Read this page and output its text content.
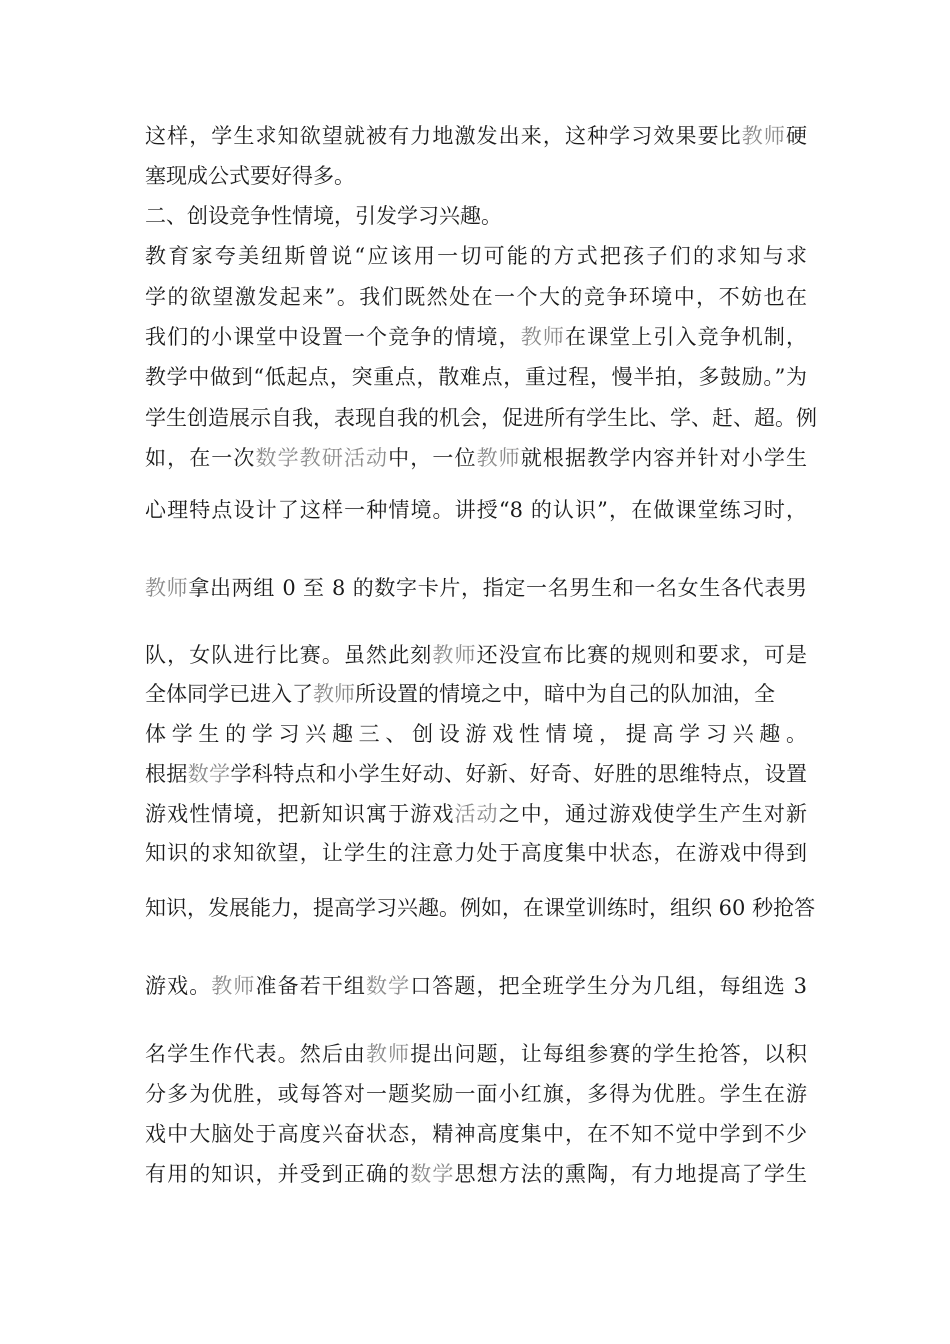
这样，学生求知欲望就被有力地激发出来，这种学习效果要比教师硬
塞现成公式要好得多。
二、创设竞争性情境，引发学习兴趣。
教育家夸美纽斯曾说“应该用一切可能的方式把孩子们的求知与求
学的欲望激发起来”。我们既然处在一个大的竞争环境中，不妨也在
我们的小课堂中设置一个竞争的情境，教师在课堂上引入竞争机制，
教学中做到“低起点，突重点，散难点，重过程，慢半拍，多鼓励。”为
学生创造展示自我，表现自我的机会，促进所有学生比、学、赶、超。例
如，在一次数学教研活动中，一位教师就根据教学内容并针对小学生
心理特点设计了这样一种情境。讲授“8 的认识”，在做课堂练习时，
教师拿出两组 0 至 8 的数字卡片，指定一名男生和一名女生各代表男
队，女队进行比赛。虽然此刻教师还没宣布比赛的规则和要求，可是
全体同学已进入了教师所设置的情境之中，暗中为自己的队加油，全
体学生的学习兴趣三、创设游戏性情境，提高学习兴趣。
根据数学学科特点和小学生好动、好新、好奇、好胜的思维特点，设置
游戏性情境，把新知识寓于游戏活动之中，通过游戏使学生产生对新
知识的求知欲望，让学生的注意力处于高度集中状态，在游戏中得到
知识，发展能力，提高学习兴趣。例如，在课堂训练时，组织 60 秒抢答
游戏。教师准备若干组数学口答题，把全班学生分为几组，每组选 3
名学生作代表。然后由教师提出问题，让每组参赛的学生抢答，以积
分多为优胜，或每答对一题奖励一面小红旗，多得为优胜。学生在游
戏中大脑处于高度兴奋状态，精神高度集中，在不知不觉中学到不少
有用的知识，并受到正确的数学思想方法的熏陶，有力地提高了学生
